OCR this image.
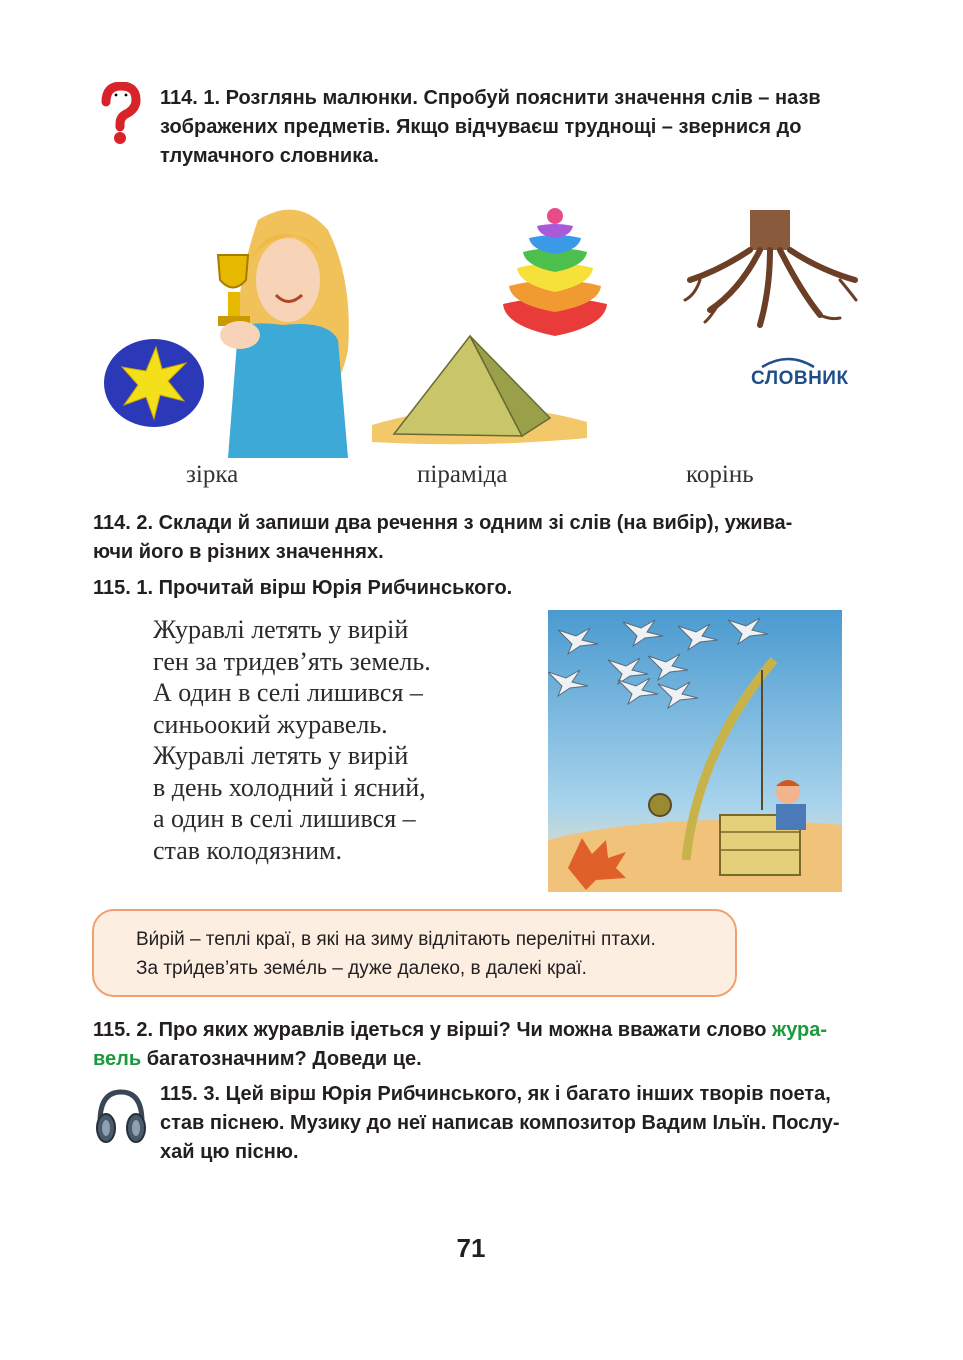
114. 1. Розглянь малюнки. Спробуй пояснити значення слів – назв

зображених предметів. Якщо відчуваєш труднощі – звернися до

тлумачного словника.

СЛОВНИК
зірка	піраміда	корінь

114. 2. Склади й запиши два речення з одним зі слів (на вибір), ужива-

ючи його в різних значеннях.

115. 1. Прочитай вірш Юрія Рибчинського.

Журавлі летять у вирій
ген за тридев’ять земель.
А один в селі лишився –
синьоокий журавель.
Журавлі летять у вирій
в день холодний і ясний,
а один в селі лишився –
став колодязним.
Ви́рій – теплі краї, в які на зиму відлітають перелітні птахи.
За три́дев’ять земе́ль – дуже далеко, в далекі краї.

115. 2. Про яких журавлів ідеться у вірші? Чи можна вважати слово жура-

вель багатозначним? Доведи це.

115. 3. Цей вірш Юрія Рибчинського, як і багато інших творів поета,

став піснею. Музику до неї написав композитор Вадим Ільїн. Послу-

хай цю пісню.

71
